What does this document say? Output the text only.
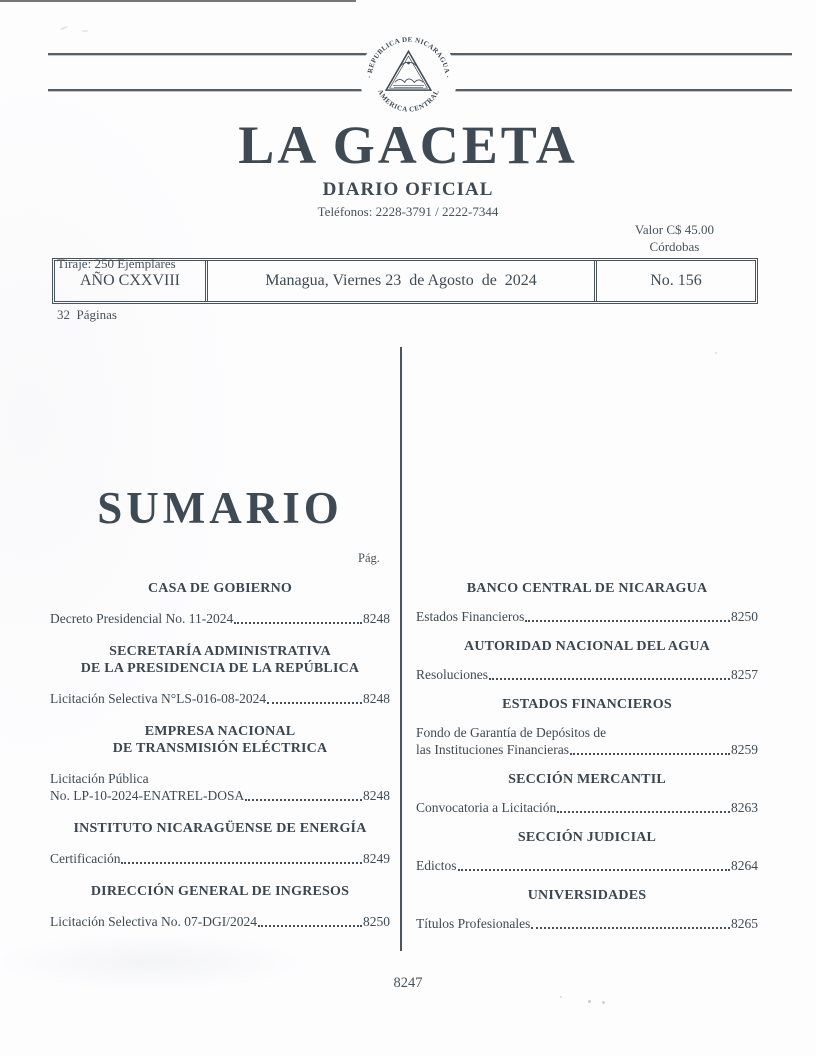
· REPUBLICA DE NICARAGUA ·
AMERICA CENTRAL
LA GACETA
DIARIO OFICIAL
Teléfonos: 2228-3791 / 2222-7344

Tiraje: 250 Ejemplares

32  Páginas

Valor C$ 45.00
Córdobas
AÑO CXXVIII	Managua, Viernes 23  de Agosto  de  2024	No. 156
SUMARIO
Pág.
CASA DE GOBIERNO
Decreto Presidencial No. 11-2024	8248
SECRETARÍA ADMINISTRATIVA
DE LA PRESIDENCIA DE LA REPÚBLICA
Licitación Selectiva N°LS-016-08-2024	8248
EMPRESA NACIONAL
DE TRANSMISIÓN ELÉCTRICA
Licitación Pública
No. LP-10-2024-ENATREL-DOSA	8248
INSTITUTO NICARAGÜENSE DE ENERGÍA
Certificación	8249
DIRECCIÓN GENERAL DE INGRESOS
Licitación Selectiva No. 07-DGI/2024	8250
BANCO CENTRAL DE NICARAGUA
Estados Financieros	8250
AUTORIDAD NACIONAL DEL AGUA
Resoluciones	8257
ESTADOS FINANCIEROS
Fondo de Garantía de Depósitos de
las Instituciones Financieras	8259
SECCIÓN MERCANTIL
Convocatoria a Licitación	8263
SECCIÓN JUDICIAL
Edictos	8264
UNIVERSIDADES
Títulos Profesionales	8265
8247
